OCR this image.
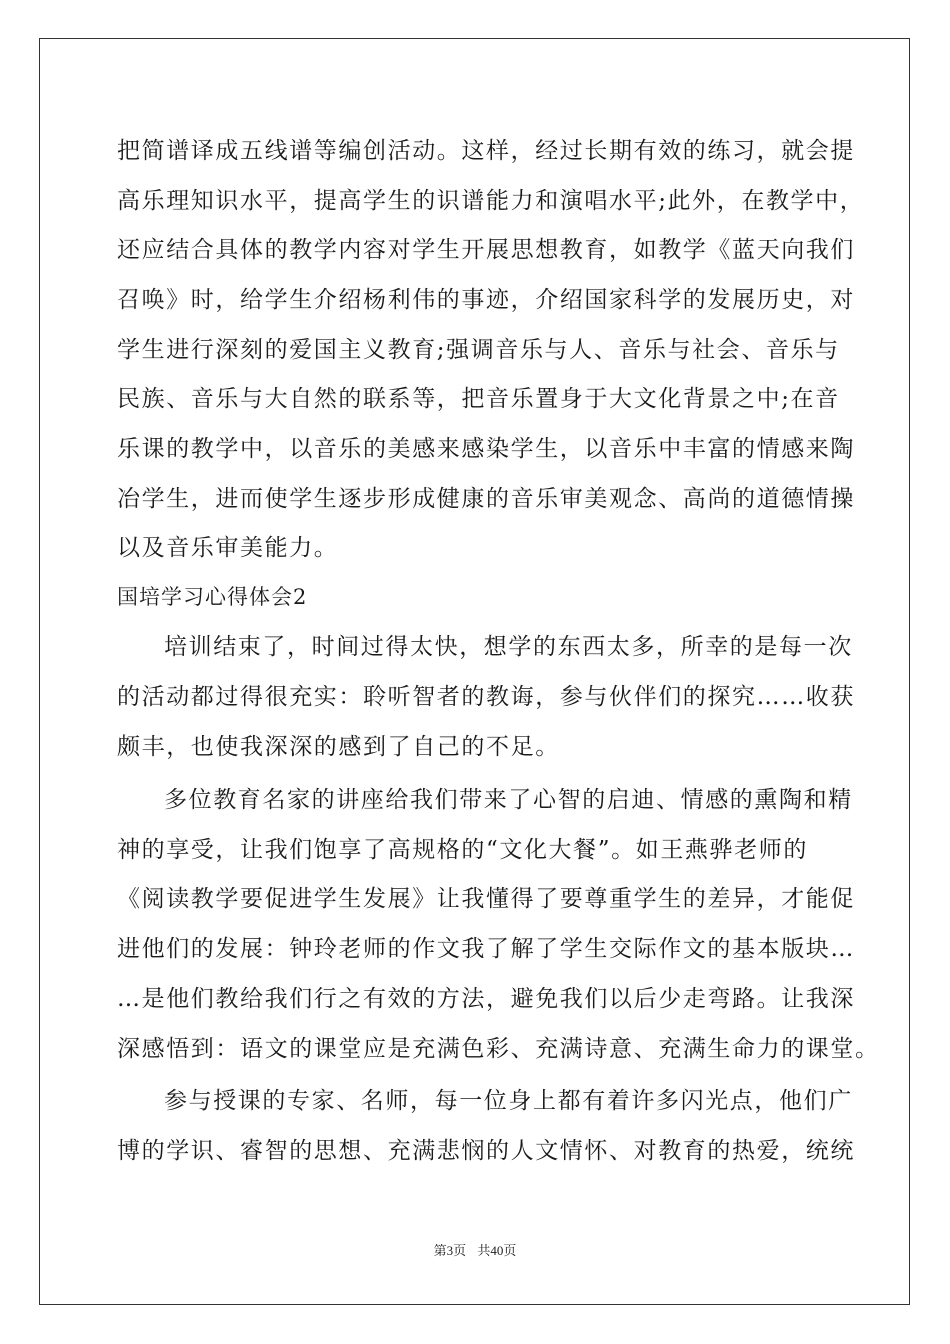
把简谱译成五线谱等编创活动。这样，经过长期有效的练习，就会提
高乐理知识水平，提高学生的识谱能力和演唱水平;此外，在教学中，
还应结合具体的教学内容对学生开展思想教育，如教学《蓝天向我们
召唤》时，给学生介绍杨利伟的事迹，介绍国家科学的发展历史，对
学生进行深刻的爱国主义教育;强调音乐与人、音乐与社会、音乐与
民族、音乐与大自然的联系等，把音乐置身于大文化背景之中;在音
乐课的教学中，以音乐的美感来感染学生，以音乐中丰富的情感来陶
冶学生，进而使学生逐步形成健康的音乐审美观念、高尚的道德情操
以及音乐审美能力。
国培学习心得体会2
培训结束了，时间过得太快，想学的东西太多，所幸的是每一次
的活动都过得很充实：聆听智者的教诲，参与伙伴们的探究……收获
颇丰，也使我深深的感到了自己的不足。
多位教育名家的讲座给我们带来了心智的启迪、情感的熏陶和精
神的享受，让我们饱享了高规格的“文化大餐”。如王燕骅老师的
《阅读教学要促进学生发展》让我懂得了要尊重学生的差异，才能促
进他们的发展：钟玲老师的作文我了解了学生交际作文的基本版块…
…是他们教给我们行之有效的方法，避免我们以后少走弯路。让我深
深感悟到：语文的课堂应是充满色彩、充满诗意、充满生命力的课堂。
参与授课的专家、名师，每一位身上都有着许多闪光点，他们广
博的学识、睿智的思想、充满悲悯的人文情怀、对教育的热爱，统统
第3页 共40页
